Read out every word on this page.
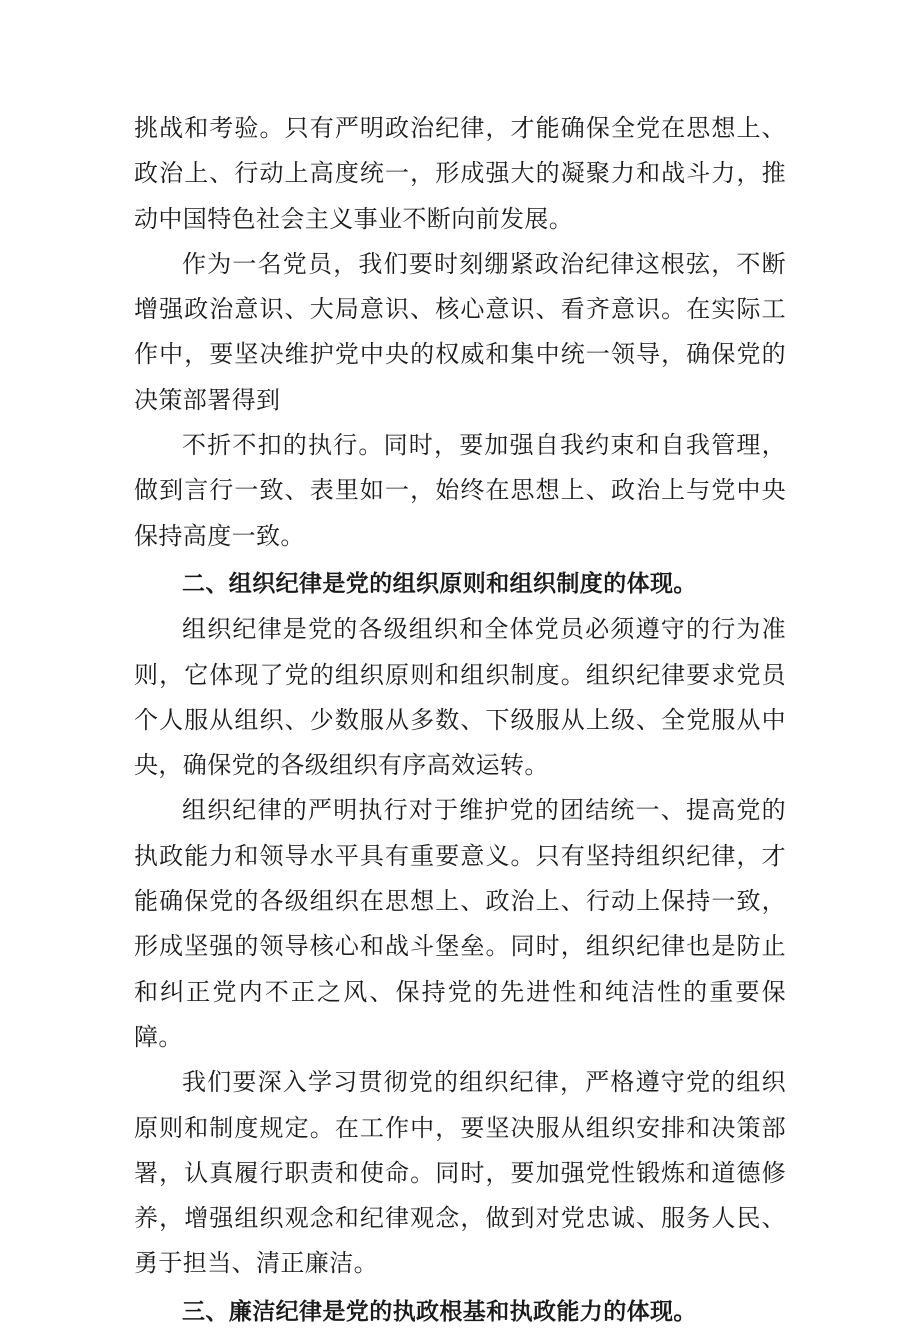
挑战和考验。只有严明政治纪律，才能确保全党在思想上、政治上、行动上高度统一，形成强大的凝聚力和战斗力，推动中国特色社会主义事业不断向前发展。

作为一名党员，我们要时刻绷紧政治纪律这根弦，不断增强政治意识、大局意识、核心意识、看齐意识。在实际工作中，要坚决维护党中央的权威和集中统一领导，确保党的决策部署得到

不折不扣的执行。同时，要加强自我约束和自我管理，做到言行一致、表里如一，始终在思想上、政治上与党中央保持高度一致。

二、组织纪律是党的组织原则和组织制度的体现。

组织纪律是党的各级组织和全体党员必须遵守的行为准则，它体现了党的组织原则和组织制度。组织纪律要求党员个人服从组织、少数服从多数、下级服从上级、全党服从中央，确保党的各级组织有序高效运转。

组织纪律的严明执行对于维护党的团结统一、提高党的执政能力和领导水平具有重要意义。只有坚持组织纪律，才能确保党的各级组织在思想上、政治上、行动上保持一致，形成坚强的领导核心和战斗堡垒。同时，组织纪律也是防止和纠正党内不正之风、保持党的先进性和纯洁性的重要保障。

我们要深入学习贯彻党的组织纪律，严格遵守党的组织原则和制度规定。在工作中，要坚决服从组织安排和决策部署，认真履行职责和使命。同时，要加强党性锻炼和道德修养，增强组织观念和纪律观念，做到对党忠诚、服务人民、勇于担当、清正廉洁。

三、廉洁纪律是党的执政根基和执政能力的体现。
